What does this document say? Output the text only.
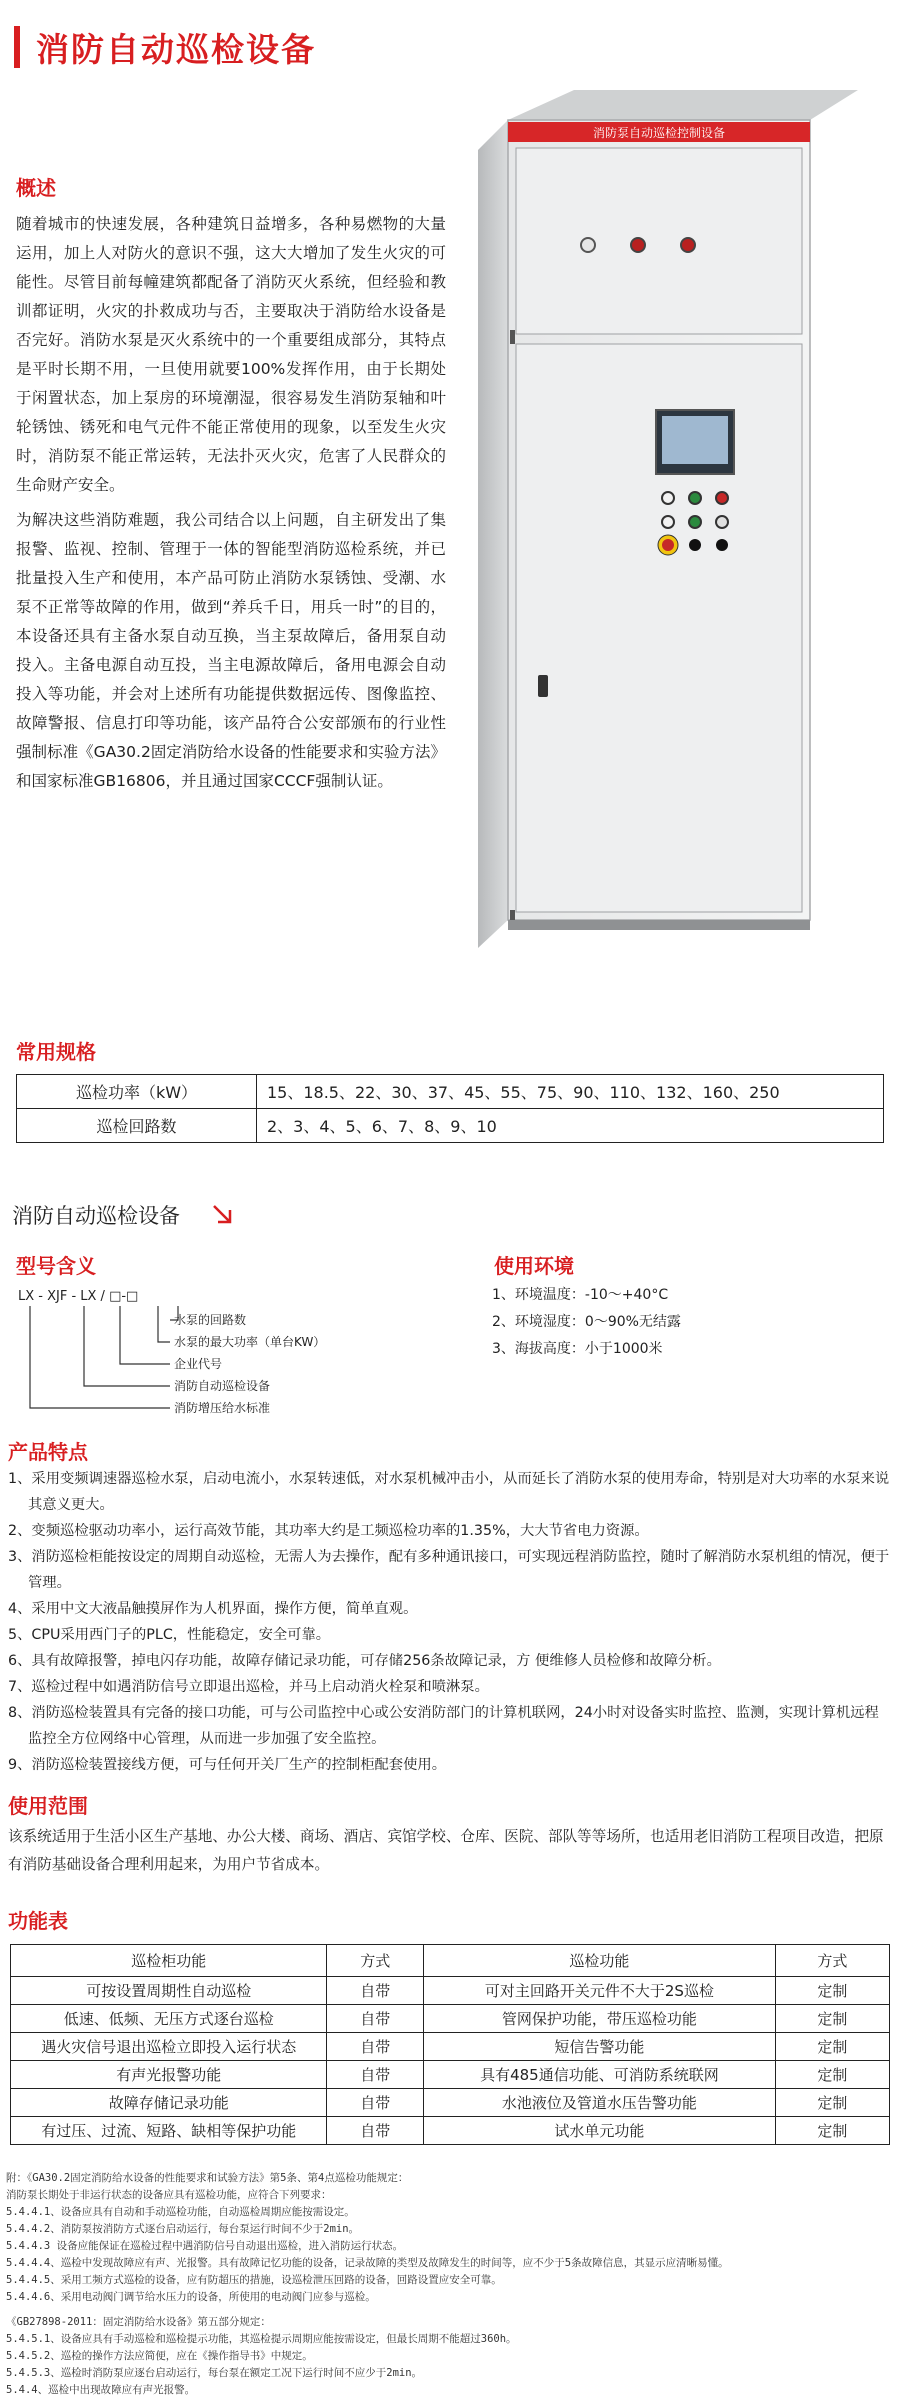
消防自动巡检设备
概述

随着城市的快速发展，各种建筑日益增多，各种易燃物的大量运用，加上人对防火的意识不强，这大大增加了发生火灾的可能性。尽管目前每幢建筑都配备了消防灭火系统，但经验和教训都证明，火灾的扑救成功与否，主要取决于消防给水设备是否完好。消防水泵是灭火系统中的一个重要组成部分，其特点是平时长期不用，一旦使用就要100%发挥作用，由于长期处于闲置状态，加上泵房的环境潮湿，很容易发生消防泵轴和叶轮锈蚀、锈死和电气元件不能正常使用的现象，以至发生火灾时，消防泵不能正常运转，无法扑灭火灾，危害了人民群众的生命财产安全。

为解决这些消防难题，我公司结合以上问题，自主研发出了集报警、监视、控制、管理于一体的智能型消防巡检系统，并已批量投入生产和使用，本产品可防止消防水泵锈蚀、受潮、水泵不正常等故障的作用，做到“养兵千日，用兵一时”的目的，本设备还具有主备水泵自动互换，当主泵故障后，备用泵自动投入。主备电源自动互投，当主电源故障后，备用电源会自动投入等功能，并会对上述所有功能提供数据远传、图像监控、故障警报、信息打印等功能，该产品符合公安部颁布的行业性强制标准《GA30.2固定消防给水设备的性能要求和实验方法》和国家标准GB16806，并且通过国家CCCF强制认证。

消防泵自动巡检控制设备
常用规格
巡检功率（kW）	15、18.5、22、30、37、45、55、75、90、110、132、160、250
巡检回路数	2、3、4、5、6、7、8、9、10
消防自动巡检设备
型号含义
LX - XJF - LX / □-□
水泵的回路数
水泵的最大功率（单台KW）
企业代号
消防自动巡检设备
消防增压给水标准
使用环境
1、环境温度：-10～+40°C
2、环境湿度：0～90%无结露
3、海拔高度：小于1000米
产品特点
1、采用变频调速器巡检水泵，启动电流小，水泵转速低，对水泵机械冲击小，从而延长了消防水泵的使用寿命，特别是对大功率的水泵来说其意义更大。
2、变频巡检驱动功率小，运行高效节能，其功率大约是工频巡检功率的1.35%，大大节省电力资源。
3、消防巡检柜能按设定的周期自动巡检，无需人为去操作，配有多种通讯接口，可实现远程消防监控，随时了解消防水泵机组的情况，便于管理。
4、采用中文大液晶触摸屏作为人机界面，操作方便，简单直观。
5、CPU采用西门子的PLC，性能稳定，安全可靠。
6、具有故障报警，掉电闪存功能，故障存储记录功能，可存储256条故障记录，方 便维修人员检修和故障分析。
7、巡检过程中如遇消防信号立即退出巡检，并马上启动消火栓泵和喷淋泵。
8、消防巡检装置具有完备的接口功能，可与公司监控中心或公安消防部门的计算机联网，24小时对设备实时监控、监测，实现计算机远程监控全方位网络中心管理，从而进一步加强了安全监控。
9、消防巡检装置接线方便，可与任何开关厂生产的控制柜配套使用。
使用范围
该系统适用于生活小区生产基地、办公大楼、商场、酒店、宾馆学校、仓库、医院、部队等等场所，也适用老旧消防工程项目改造，把原有消防基础设备合理利用起来，为用户节省成本。
功能表
巡检柜功能	方式	巡检功能	方式
可按设置周期性自动巡检	自带	可对主回路开关元件不大于2S巡检	定制
低速、低频、无压方式逐台巡检	自带	管网保护功能，带压巡检功能	定制
遇火灾信号退出巡检立即投入运行状态	自带	短信告警功能	定制
有声光报警功能	自带	具有485通信功能、可消防系统联网	定制
故障存储记录功能	自带	水池液位及管道水压告警功能	定制
有过压、过流、短路、缺相等保护功能	自带	试水单元功能	定制
附：《GA30.2固定消防给水设备的性能要求和试验方法》第5条、第4点巡检功能规定：
消防泵长期处于非运行状态的设备应具有巡检功能，应符合下列要求：
5.4.4.1、设备应具有自动和手动巡检功能，自动巡检周期应能按需设定。
5.4.4.2、消防泵按消防方式逐台启动运行，每台泵运行时间不少于2min。
5.4.4.3 设备应能保证在巡检过程中遇消防信号自动退出巡检，进入消防运行状态。
5.4.4.4、巡检中发现故障应有声、光报警。具有故障记忆功能的设备，记录故障的类型及故障发生的时间等，应不少于5条故障信息，其显示应清晰易懂。
5.4.4.5、采用工频方式巡检的设备，应有防超压的措施，设巡检泄压回路的设备，回路设置应安全可靠。
5.4.4.6、采用电动阀门调节给水压力的设备，所使用的电动阀门应参与巡检。
《GB27898-2011：固定消防给水设备》第五部分规定：
5.4.5.1、设备应具有手动巡检和巡检提示功能，其巡检提示周期应能按需设定，但最长周期不能超过360h。
5.4.5.2、巡检的操作方法应简便，应在《操作指导书》中规定。
5.4.5.3、巡检时消防泵应逐台启动运行，每台泵在额定工况下运行时间不应少于2min。
5.4.4、巡检中出现故障应有声光报警。
